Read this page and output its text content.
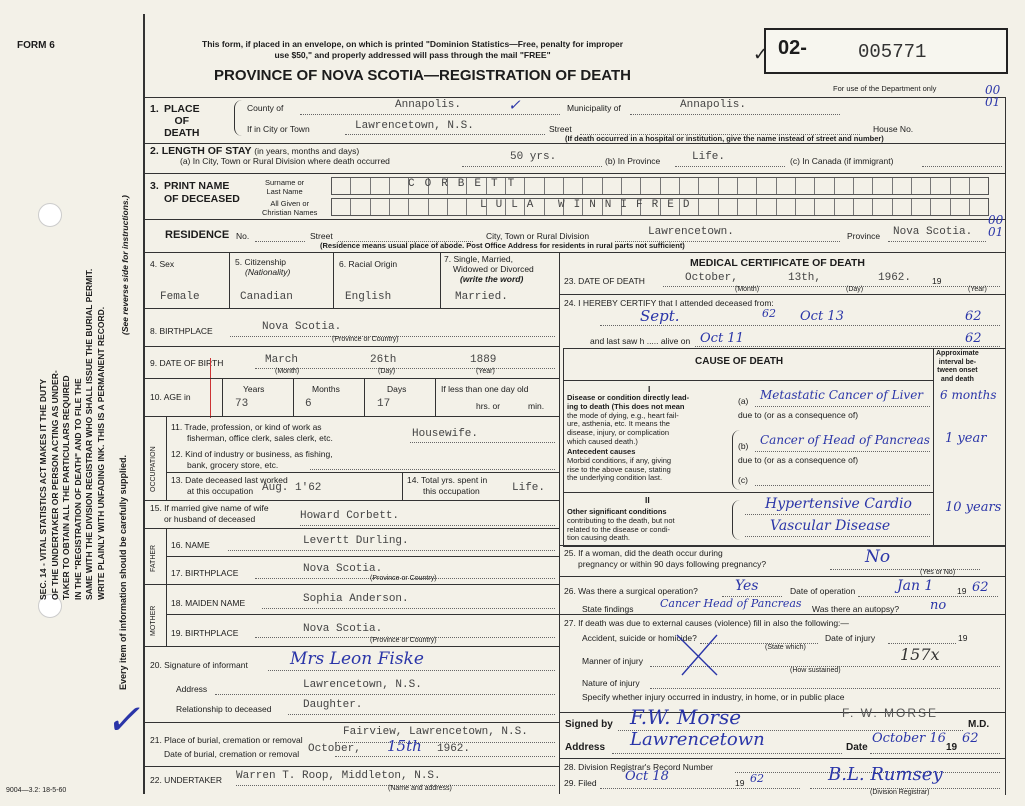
SEC. 14 - VITAL STATISTICS ACT MAKES IT THE DUTY OF THE UNDERTAKER OR PERSON ACTING AS UNDER- TAKER TO OBTAIN ALL THE PARTICULARS REQUIRED IN THE "REGISTRATION OF DEATH" AND TO FILE THE SAME WITH THE DIVISION REGISTRAR WHO SHALL ISSUE THE BURIAL PERMIT. WRITE PLAINLY WITH UNFADING INK. THIS IS A PERMANENT RECORD. Every item of information should be carefully supplied.
(See reverse side for instructions.)
FORM 6
9004—3.2: 18-5-60
This form, if placed in an envelope, on which is printed "Dominion Statistics—Free, penalty for improper
use $50," and properly addressed will pass through the mail "FREE"
PROVINCE OF NOVA SCOTIA—REGISTRATION OF DEATH
02-	005771
✓
For use of the Department only
1. PLACE
OF
DEATH
County of	Annapolis.	✓	Municipality of	Annapolis.
If in City or Town	Lawrencetown, N.S.	Street	House No.
(If death occurred in a hospital or institution, give the name instead of street and number)
00
01
2. LENGTH OF STAY (in years, months and days)
(a) In City, Town or Rural Division where death occurred	50 yrs.	(b) In Province	Life.	(c) In Canada (if immigrant)
3. PRINT NAME
OF DECEASED
Surname or
Last Name
CORBETT
All Given or
Christian Names
LULA WINNIFRED
RESIDENCE No.	Street	City, Town or Rural Division	Lawrencetown.	Province Nova Scotia.
(Residence means usual place of abode. Post Office Address for residents in rural parts not sufficient)
00
01
4. Sex
Female
5. Citizenship
(Nationality)
Canadian
6. Racial Origin
English
7. Single, Married,
Widowed or Divorced
(write the word)
Married.
8. BIRTHPLACE	Nova Scotia.
(Province or Country)
9. DATE OF BIRTH	March	26th	1889
(Month)	(Day)	(Year)
10. AGE in
Years
73
Months
6
Days
17
If less than one day old
hrs. or	min.
OCCUPATION
11. Trade, profession, or kind of work as
fisherman, office clerk, sales clerk, etc.	Housewife.
12. Kind of industry or business, as fishing,
bank, grocery store, etc.
13. Date deceased last worked
at this occupation Aug. 1'62
14. Total yrs. spent in
this occupation	Life.
15. If married give name of wife
or husband of deceased	Howard Corbett.
FATHER 16. NAME	Levertt Durling.
17. BIRTHPLACE	Nova Scotia.
(Province or Country)
MOTHER
18. MAIDEN NAME	Sophia Anderson.
19. BIRTHPLACE	Nova Scotia.
(Province or Country)
20. Signature of informant Mrs Leon Fiske
Address	Lawrencetown, N.S.
Relationship to deceased	Daughter.
21. Place of burial, cremation or removal
Date of burial, cremation or removal
Fairview, Lawrencetown, N.S.
October, 15th 1962.
22. UNDERTAKER Warren T. Roop, Middleton, N.S.
(Name and address)
✓
MEDICAL CERTIFICATE OF DEATH
23. DATE OF DEATH	October,	13th,	1962. 19
(Month)	(Day)	(Year)
24. I HEREBY CERTIFY that I attended deceased from:
Sept.	62 Oct 13	62
and last saw h ..... alive on Oct 11	62
CAUSE OF DEATH
Approximate
interval be-
tween onset
and death
I
Disease or condition directly lead-
ing to death (This does not mean
the mode of dying, e.g., heart fail-
ure, asthenia, etc. It means the
disease, injury, or complication
which caused death.)
(a) Metastatic Cancer of Liver 6 months
due to (or as a consequence of)
Antecedent causes
Morbid conditions, if any, giving
rise to the above cause, stating
the underlying condition last.
(b) Cancer of Head of Pancreas 1 year
due to (or as a consequence of)
(c)
II
Other significant conditions
contributing to the death, but not
related to the disease or condi-
tion causing death.
Hypertensive Cardio
Vascular Disease
10 years
25. If a woman, did the death occur during
pregnancy or within 90 days following pregnancy?	No
(Yes or No)
26. Was there a surgical operation?	Yes	Date of operation	Jan 1	19 62
State findings Cancer Head of Pancreas Was there an autopsy? no
27. If death was due to external causes (violence) fill in also the following:—
Accident, suicide or homicide?	Date of injury	19
(State which)
Manner of injury	157x
(How sustained)
Nature of injury
Specify whether injury occurred in industry, in home, or in public place
Signed by F.W. Morse	F. W. MORSE
M.D.
Address Lawrencetown	Date
October 16
19
62
28. Division Registrar's Record Number
29. Filed Oct 18	19 62	B.L. Rumsey
(Division Registrar)
